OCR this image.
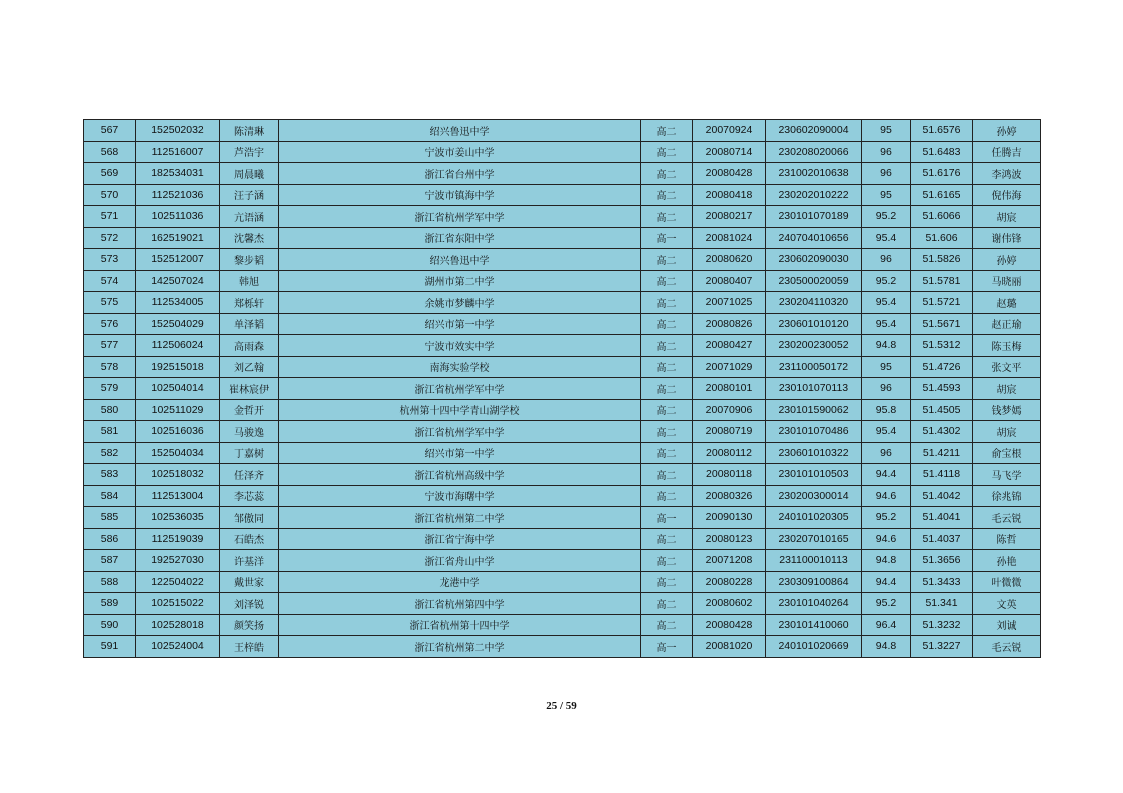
567	152502032	陈清琳	绍兴鲁迅中学	高二	20070924	230602090004	95	51.6576	孙婷
568	112516007	芦浩宇	宁波市姜山中学	高二	20080714	230208020066	96	51.6483	任腾吉
569	182534031	周晨曦	浙江省台州中学	高二	20080428	231002010638	96	51.6176	李鸿波
570	112521036	汪子涵	宁波市镇海中学	高二	20080418	230202010222	95	51.6165	倪伟海
571	102511036	亢语涵	浙江省杭州学军中学	高二	20080217	230101070189	95.2	51.6066	胡宸
572	162519021	沈馨杰	浙江省东阳中学	高一	20081024	240704010656	95.4	51.606	谢伟锋
573	152512007	黎步韬	绍兴鲁迅中学	高二	20080620	230602090030	96	51.5826	孙婷
574	142507024	韩旭	湖州市第二中学	高二	20080407	230500020059	95.2	51.5781	马晓丽
575	112534005	郑栎轩	余姚市梦麟中学	高二	20071025	230204110320	95.4	51.5721	赵璐
576	152504029	单泽韬	绍兴市第一中学	高二	20080826	230601010120	95.4	51.5671	赵正瑜
577	112506024	高雨森	宁波市效实中学	高二	20080427	230200230052	94.8	51.5312	陈玉梅
578	192515018	刘乙翰	南海实验学校	高二	20071029	231100050172	95	51.4726	张文平
579	102504014	崔林宸伊	浙江省杭州学军中学	高二	20080101	230101070113	96	51.4593	胡宸
580	102511029	金哲开	杭州第十四中学青山湖学校	高二	20070906	230101590062	95.8	51.4505	钱梦嫣
581	102516036	马骏逸	浙江省杭州学军中学	高二	20080719	230101070486	95.4	51.4302	胡宸
582	152504034	丁嘉树	绍兴市第一中学	高二	20080112	230601010322	96	51.4211	俞宝根
583	102518032	任泽齐	浙江省杭州高级中学	高二	20080118	230101010503	94.4	51.4118	马飞学
584	112513004	李芯蕊	宁波市海曙中学	高二	20080326	230200300014	94.6	51.4042	徐兆锦
585	102536035	邹傲同	浙江省杭州第二中学	高一	20090130	240101020305	95.2	51.4041	毛云锐
586	112519039	石皓杰	浙江省宁海中学	高二	20080123	230207010165	94.6	51.4037	陈哲
587	192527030	许基洋	浙江省舟山中学	高二	20071208	231100010113	94.8	51.3656	孙艳
588	122504022	戴世家	龙港中学	高二	20080228	230309100864	94.4	51.3433	叶微微
589	102515022	刘泽锐	浙江省杭州第四中学	高二	20080602	230101040264	95.2	51.341	文英
590	102528018	颜笑扬	浙江省杭州第十四中学	高二	20080428	230101410060	96.4	51.3232	刘诚
591	102524004	王梓皓	浙江省杭州第二中学	高一	20081020	240101020669	94.8	51.3227	毛云锐
25 / 59
